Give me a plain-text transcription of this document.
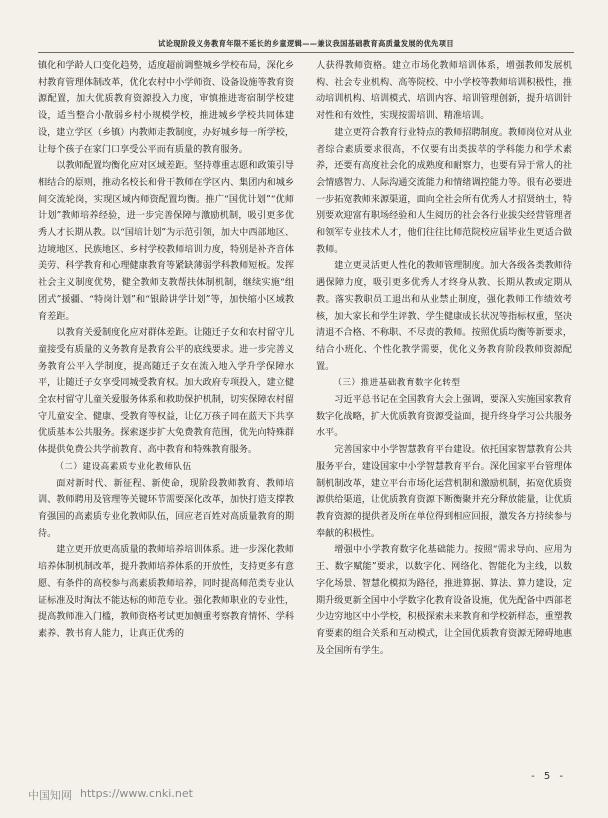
试论现阶段义务教育年限不延长的乡童逻辑——兼议我国基础教育高质量发展的优先项目

镇化和学龄人口变化趋势，适度超前调整城乡学校布局，深化乡村教育管理体制改革，优化农村中小学师资、设备设施等教育资源配置，加大优质教育资源投入力度，审慎推进寄宿制学校建设，适当整合小散弱乡村小规模学校，推进城乡学校共同体建设，建立学区（乡镇）内教师走教制度，办好城乡每一所学校，让每个孩子在家门口享受公平而有质量的教育服务。

以教师配置均衡化应对区域差距。坚持尊重志愿和政策引导相结合的原则，推动名校长和骨干教师在学区内、集团内和城乡间交流轮岗，实现区域内师资配置均衡。推广“国优计划”“优师计划”教师培养经验，进一步完善保障与激励机制，吸引更多优秀人才长期从教。以“国培计划”为示范引领，加大中西部地区、边境地区、民族地区、乡村学校教师培训力度，特别是补齐音体美劳、科学教育和心理健康教育等紧缺薄弱学科教师短板。发挥社会主义制度优势，健全教师支教帮扶体制机制，继续实施“组团式”援疆、“特岗计划”和“银龄讲学计划”等，加快缩小区域教育差距。

以教育关爱制度化应对群体差距。让随迁子女和农村留守儿童接受有质量的义务教育是教育公平的底线要求。进一步完善义务教育公平入学制度，提高随迁子女在流入地入学升学保障水平，让随迁子女享受同城受教育权。加大政府专项投入，建立健全农村留守儿童关爱服务体系和救助保护机制，切实保障农村留守儿童安全、健康、受教育等权益，让亿万孩子同在蓝天下共享优质基本公共服务。探索逐步扩大免费教育范围，优先向特殊群体提供免费公共学前教育、高中教育和特殊教育服务。

（二）建设高素质专业化教师队伍

面对新时代、新征程、新使命，现阶段教师教育、教师培训、教师聘用及管理等关键环节需要深化改革，加快打造支撑教育强国的高素质专业化教师队伍，回应老百姓对高质量教育的期待。

建立更开放更高质量的教师培养培训体系。进一步深化教师培养体制机制改革，提升教师培养体系的开放性，支持更多有意愿、有条件的高校参与高素质教师培养，同时提高师范类专业认证标准及时淘汰不能达标的师范专业。强化教师职业的专业性，提高教师准入门槛，教师资格考试更加侧重考察教育情怀、学科素养、教书育人能力，让真正优秀的

人获得教师资格。建立市场化教师培训体系，增强教师发展机构、社会专业机构、高等院校、中小学校等教师培训积极性，推动培训机构、培训模式、培训内容、培训管理创新，提升培训针对性和有效性，实现按需培训、精准培训。

建立更符合教育行业特点的教师招聘制度。教师岗位对从业者综合素质要求很高，不仅要有出类拔萃的学科能力和学术素养，还要有高度社会化的成熟度和耐察力，也要有异于常人的社会情感智力、人际沟通交流能力和情绪调控能力等。很有必要进一步拓宽教师来源渠道，面向全社会所有优秀人才招贤纳士，特别要欢迎富有职场经验和人生阅历的社会各行业拔尖经营管理者和领军专业技术人才，他们往往比师范院校应届毕业生更适合做教师。

建立更灵活更人性化的教师管理制度。加大各级各类教师待遇保障力度，吸引更多优秀人才终身从教、长期从教或定期从教。落实教职员工退出和从业禁止制度，强化教师工作绩效考核，加大家长和学生评教、学生健康成长状况等指标权重，坚决清退不合格、不称职、不尽责的教师。按照优质均衡等新要求，结合小班化、个性化教学需要，优化义务教育阶段教师资源配置。

（三）推进基础教育数字化转型

习近平总书记在全国教育大会上强调，要深入实施国家教育数字化战略，扩大优质教育资源受益面，提升终身学习公共服务水平。

完善国家中小学智慧教育平台建设。依托国家智慧教育公共服务平台，建设国家中小学智慧教育平台。深化国家平台管理体制机制改革，建立平台市场化运营机制和激励机制，拓宽优质资源供给渠道，让优质教育资源下断衡聚并充分释放能量，让优质教育资源的提供者及所在单位得到相应回报，激发各方持续参与奉献的积极性。

增强中小学教育数字化基础能力。按照“需求导向、应用为王、数字赋能”要求，以数字化、网络化、智能化为主线，以数字化场景、智慧化模拟为路径，推进算据、算法、算力建设，定期升级更新全国中小学数字化教育设备设施，优先配备中西部老少边穷地区中小学校，积极探索未来教育和学校新样态，重塑教育要素的组合关系和互动模式，让全国优质教育资源无障碍地惠及全国所有学生。

- 5 -
中国知网 https://www.cnki.net
